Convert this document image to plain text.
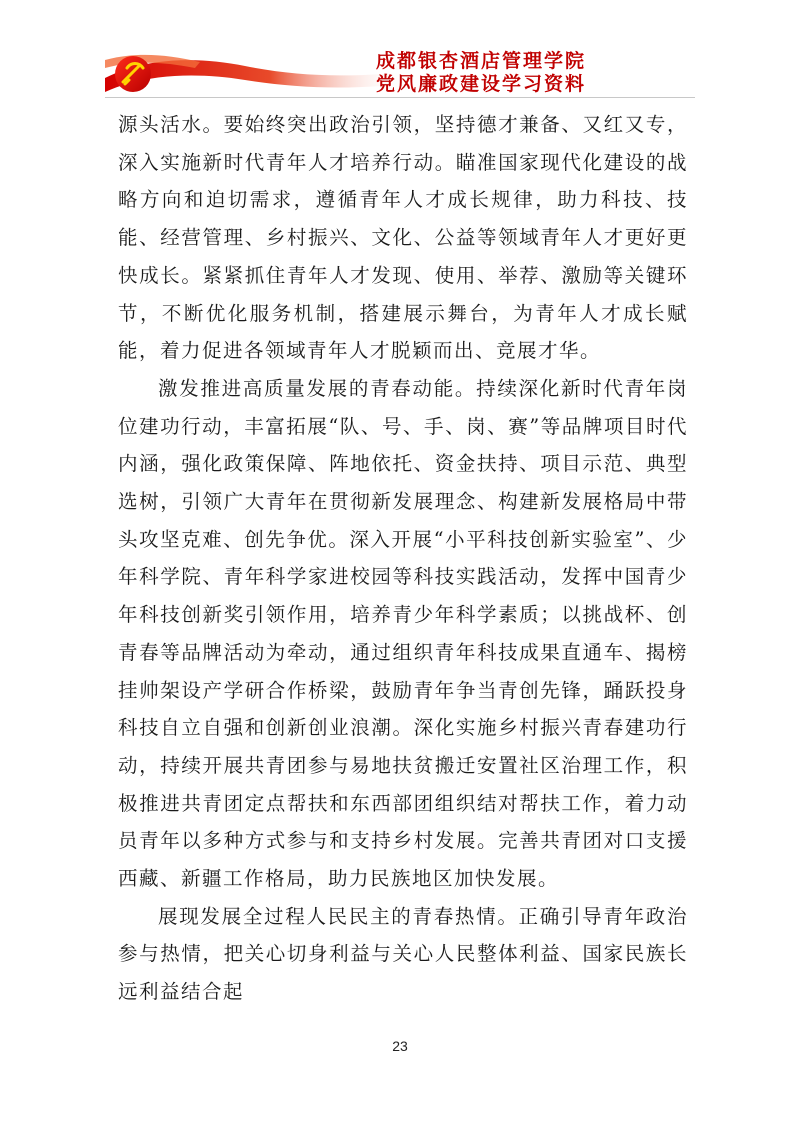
成都银杏酒店管理学院
党风廉政建设学习资料

源头活水。要始终突出政治引领，坚持德才兼备、又红又专，深入实施新时代青年人才培养行动。瞄准国家现代化建设的战略方向和迫切需求，遵循青年人才成长规律，助力科技、技能、经营管理、乡村振兴、文化、公益等领域青年人才更好更快成长。紧紧抓住青年人才发现、使用、举荐、激励等关键环节，不断优化服务机制，搭建展示舞台，为青年人才成长赋能，着力促进各领域青年人才脱颖而出、竞展才华。

激发推进高质量发展的青春动能。持续深化新时代青年岗位建功行动，丰富拓展“队、号、手、岗、赛”等品牌项目时代内涵，强化政策保障、阵地依托、资金扶持、项目示范、典型选树，引领广大青年在贯彻新发展理念、构建新发展格局中带头攻坚克难、创先争优。深入开展“小平科技创新实验室”、少年科学院、青年科学家进校园等科技实践活动，发挥中国青少年科技创新奖引领作用，培养青少年科学素质；以挑战杯、创青春等品牌活动为牵动，通过组织青年科技成果直通车、揭榜挂帅架设产学研合作桥梁，鼓励青年争当青创先锋，踊跃投身科技自立自强和创新创业浪潮。深化实施乡村振兴青春建功行动，持续开展共青团参与易地扶贫搬迁安置社区治理工作，积极推进共青团定点帮扶和东西部团组织结对帮扶工作，着力动员青年以多种方式参与和支持乡村发展。完善共青团对口支援西藏、新疆工作格局，助力民族地区加快发展。

展现发展全过程人民民主的青春热情。正确引导青年政治参与热情，把关心切身利益与关心人民整体利益、国家民族长远利益结合起

23
